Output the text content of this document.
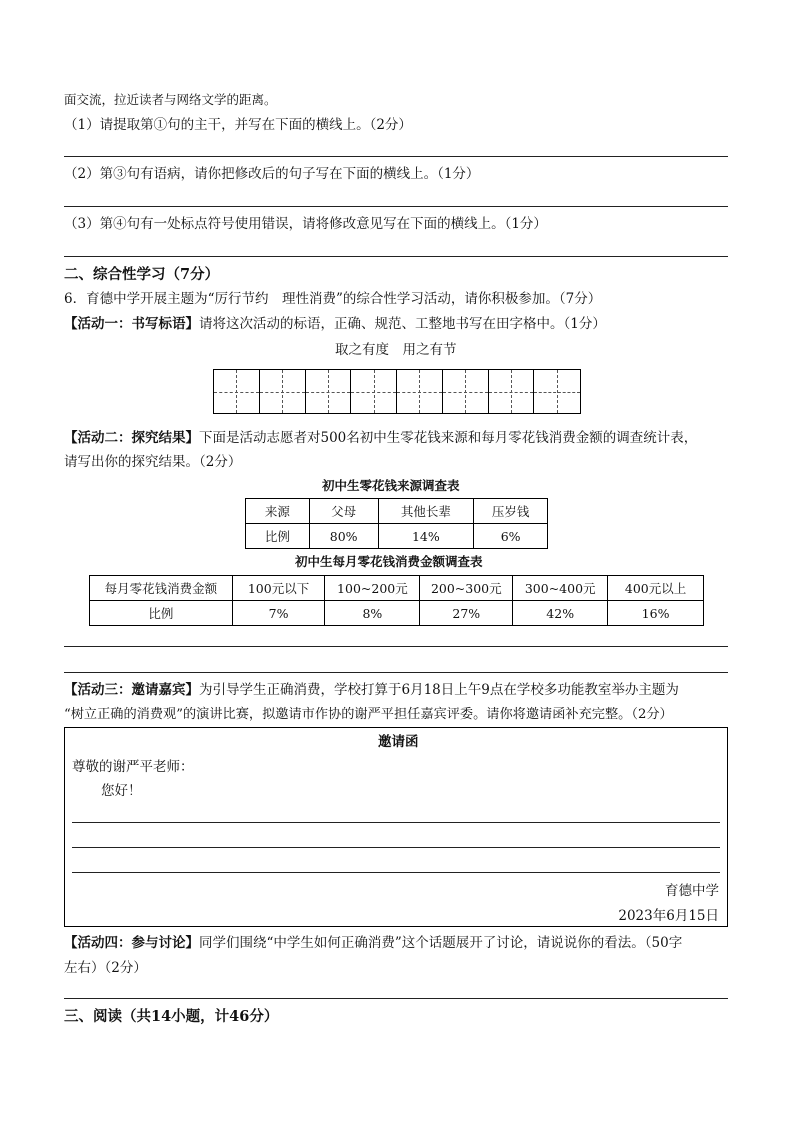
面交流，拉近读者与网络文学的距离。
（1）请提取第①句的主干，并写在下面的横线上。（2分）
（2）第③句有语病，请你把修改后的句子写在下面的横线上。（1分）
（3）第④句有一处标点符号使用错误，请将修改意见写在下面的横线上。（1分）
二、综合性学习（7分）
6．育德中学开展主题为“厉行节约　理性消费”的综合性学习活动，请你积极参加。（7分）
【活动一：书写标语】请将这次活动的标语，正确、规范、工整地书写在田字格中。（1分）
取之有度　用之有节
【活动二：探究结果】下面是活动志愿者对500名初中生零花钱来源和每月零花钱消费金额的调查统计表，
请写出你的探究结果。（2分）
初中生零花钱来源调查表
来源	父母	其他长辈	压岁钱
比例	80%	14%	6%
初中生每月零花钱消费金额调查表
每月零花钱消费金额	100元以下	100~200元	200~300元	300~400元	400元以上
比例	7%	8%	27%	42%	16%
【活动三：邀请嘉宾】为引导学生正确消费，学校打算于6月18日上午9点在学校多功能教室举办主题为
“树立正确的消费观”的演讲比赛，拟邀请市作协的谢严平担任嘉宾评委。请你将邀请函补充完整。（2分）
邀请函
尊敬的谢严平老师：
您好！
育德中学
2023年6月15日
【活动四：参与讨论】同学们围绕“中学生如何正确消费”这个话题展开了讨论，请说说你的看法。（50字
左右）（2分）
三、阅读（共14小题，计46分）
